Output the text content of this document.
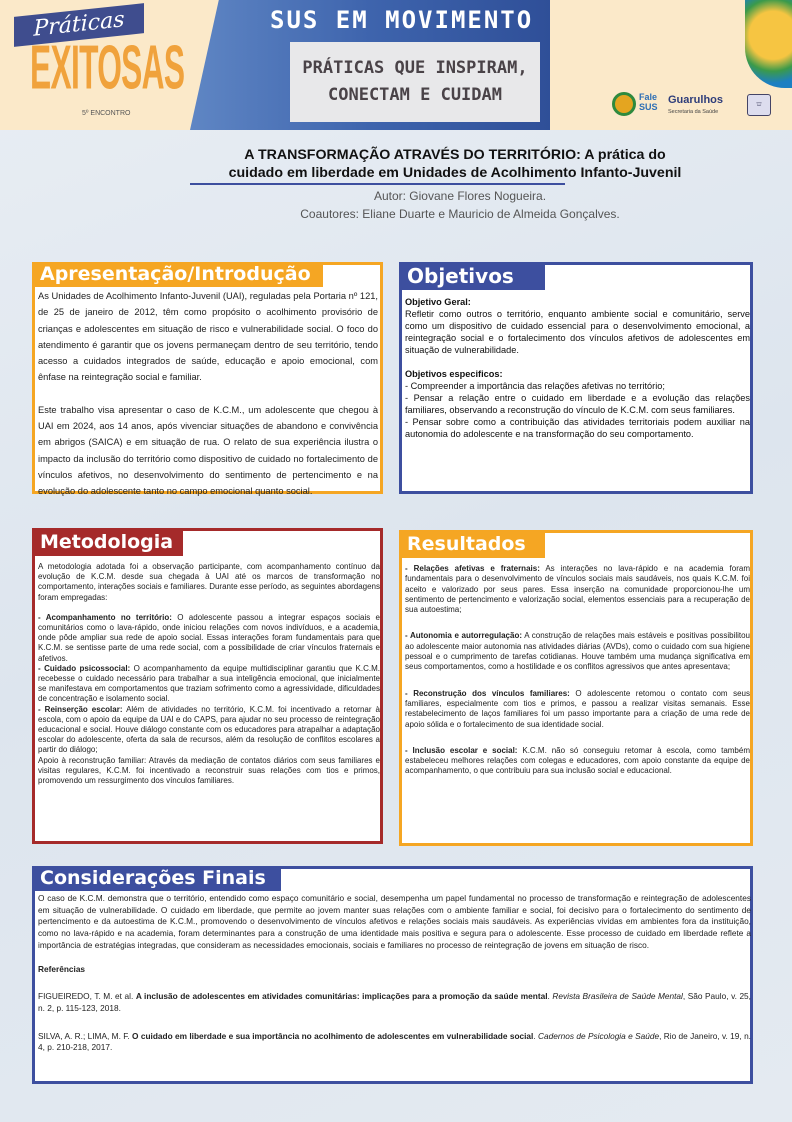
Práticas
EXITOSAS
5º ENCONTRO
SUS EM MOVIMENTO
PRÁTICAS QUE INSPIRAM,
CONECTAM E CUIDAM	Fale SUS
Guarulhos
Secretaria da Saúde
⛫
A TRANSFORMAÇÃO ATRAVÉS DO TERRITÓRIO: A prática do
cuidado em liberdade em Unidades de Acolhimento Infanto-Juvenil
Autor: Giovane Flores Nogueira.
Coautores: Eliane Duarte e Mauricio de Almeida Gonçalves.
Apresentação/Introdução

As Unidades de Acolhimento Infanto-Juvenil (UAI), reguladas pela Portaria nº 121, de 25 de janeiro de 2012, têm como propósito o acolhimento provisório de crianças e adolescentes em situação de risco e vulnerabilidade social. O foco do atendimento é garantir que os jovens permaneçam dentro de seu território, tendo acesso a cuidados integrados de saúde, educação e apoio emocional, com ênfase na reintegração social e familiar.

Este trabalho visa apresentar o caso de K.C.M., um adolescente que chegou à UAI em 2024, aos 14 anos, após vivenciar situações de abandono e convivência em abrigos (SAICA) e em situação de rua. O relato de sua experiência ilustra o impacto da inclusão do território como dispositivo de cuidado no fortalecimento de vínculos afetivos, no desenvolvimento do sentimento de pertencimento e na evolução do adolescente tanto no campo emocional quanto social.

Objetivos

Objetivo Geral:

Refletir como outros o território, enquanto ambiente social e comunitário, serve como um dispositivo de cuidado essencial para o desenvolvimento emocional, a reintegração social e o fortalecimento dos vínculos afetivos de adolescentes em situação de vulnerabilidade.

Objetivos especificos:

- Compreender a importância das relações afetivas no território;

- Pensar a relação entre o cuidado em liberdade e a evolução das relações familiares, observando a reconstrução do vínculo de K.C.M. com seus familiares.

- Pensar sobre como a contribuição das atividades territoriais podem auxiliar na autonomia do adolescente e na transformação do seu comportamento.

Metodologia

A metodologia adotada foi a observação participante, com acompanhamento contínuo da evolução de K.C.M. desde sua chegada à UAI até os marcos de transformação no comportamento, interações sociais e familiares. Durante esse período, as seguintes abordagens foram empregadas:

- Acompanhamento no território: O adolescente passou a integrar espaços sociais e comunitários como o lava-rápido, onde iniciou relações com novos indivíduos, e a academia, onde pôde ampliar sua rede de apoio social. Essas interações foram fundamentais para que K.C.M. se sentisse parte de uma rede social, com a possibilidade de criar vínculos fraternais e afetivos.

- Cuidado psicossocial: O acompanhamento da equipe multidisciplinar garantiu que K.C.M. recebesse o cuidado necessário para trabalhar a sua inteligência emocional, que inicialmente se manifestava em comportamentos que traziam sofrimento como a agressividade, dificuldades de concentração e isolamento social.

- Reinserção escolar: Além de atividades no território, K.C.M. foi incentivado a retornar à escola, com o apoio da equipe da UAI e do CAPS, para ajudar no seu processo de reintegração educacional e social. Houve diálogo constante com os educadores para atrapalhar a adaptação escolar do adolescente, oferta da sala de recursos, além da resolução de conflitos escolares a partir do diálogo;

Apoio à reconstrução familiar: Através da mediação de contatos diários com seus familiares e visitas regulares, K.C.M. foi incentivado a reconstruir suas relações com tios e primos, promovendo um ressurgimento dos vínculos familiares.

Resultados

- Relações afetivas e fraternais: As interações no lava-rápido e na academia foram fundamentais para o desenvolvimento de vínculos sociais mais saudáveis, nos quais K.C.M. foi aceito e valorizado por seus pares. Essa inserção na comunidade proporcionou-lhe um sentimento de pertencimento e valorização social, elementos essenciais para a recuperação de sua autoestima;

- Autonomia e autorregulação: A construção de relações mais estáveis e positivas possibilitou ao adolescente maior autonomia nas atividades diárias (AVDs), como o cuidado com sua higiene pessoal e o cumprimento de tarefas cotidianas. Houve também uma mudança significativa em seus comportamentos, como a hostilidade e os conflitos agressivos que antes apresentava;

- Reconstrução dos vínculos familiares: O adolescente retomou o contato com seus familiares, especialmente com tios e primos, e passou a realizar visitas semanais. Esse restabelecimento de laços familiares foi um passo importante para a criação de uma rede de apoio sólida e o fortalecimento de sua identidade social.

- Inclusão escolar e social: K.C.M. não só conseguiu retomar à escola, como também estabeleceu melhores relações com colegas e educadores, com apoio constante da equipe de acompanhamento, o que contribuiu para sua inclusão social e educacional.

Considerações Finais

O caso de K.C.M. demonstra que o território, entendido como espaço comunitário e social, desempenha um papel fundamental no processo de transformação e reintegração de adolescentes em situação de vulnerabilidade. O cuidado em liberdade, que permite ao jovem manter suas relações com o ambiente familiar e social, foi decisivo para o fortalecimento do sentimento de pertencimento e da autoestima de K.C.M., promovendo o desenvolvimento de vínculos afetivos e relações sociais mais saudáveis. As experiências vividas em ambientes fora da instituição, como no lava-rápido e na academia, foram determinantes para a construção de uma identidade mais positiva e segura para o adolescente. Esse processo de cuidado em liberdade reflete a importância de estratégias integradas, que consideram as necessidades emocionais, sociais e familiares no processo de reintegração de jovens em situação de risco.

Referências

FIGUEIREDO, T. M. et al. A inclusão de adolescentes em atividades comunitárias: implicações para a promoção da saúde mental. Revista Brasileira de Saúde Mental, São Paulo, v. 25, n. 2, p. 115-123, 2018.

SILVA, A. R.; LIMA, M. F. O cuidado em liberdade e sua importância no acolhimento de adolescentes em vulnerabilidade social. Cadernos de Psicologia e Saúde, Rio de Janeiro, v. 19, n. 4, p. 210-218, 2017.
